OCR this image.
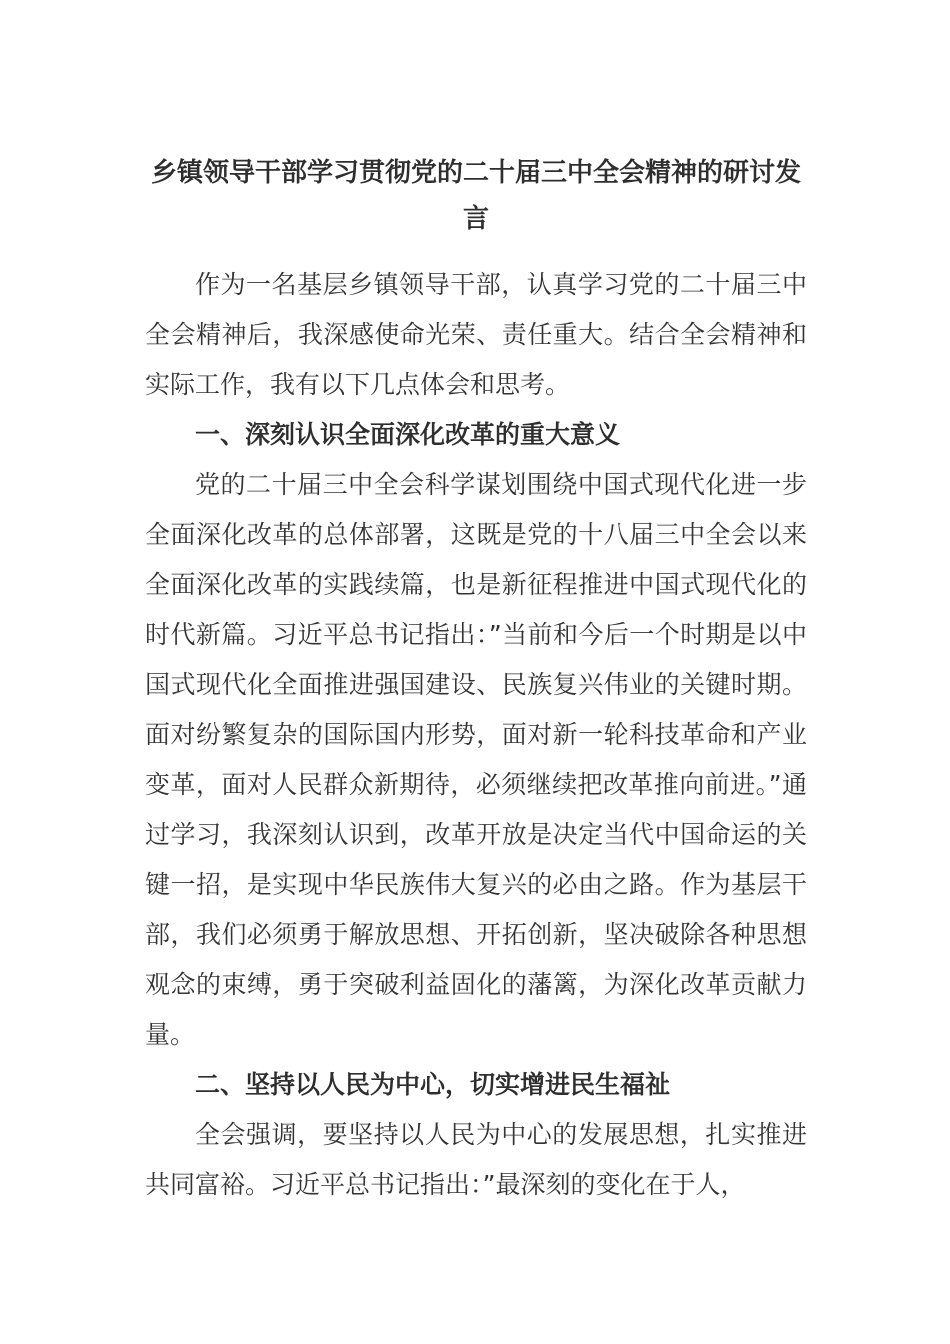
乡镇领导干部学习贯彻党的二十届三中全会精神的研讨发言

作为一名基层乡镇领导干部，认真学习党的二十届三中全会精神后，我深感使命光荣、责任重大。结合全会精神和实际工作，我有以下几点体会和思考。

一、深刻认识全面深化改革的重大意义

党的二十届三中全会科学谋划围绕中国式现代化进一步全面深化改革的总体部署，这既是党的十八届三中全会以来全面深化改革的实践续篇，也是新征程推进中国式现代化的时代新篇。习近平总书记指出：”当前和今后一个时期是以中国式现代化全面推进强国建设、民族复兴伟业的关键时期。面对纷繁复杂的国际国内形势，面对新一轮科技革命和产业变革，面对人民群众新期待，必须继续把改革推向前进。”通过学习，我深刻认识到，改革开放是决定当代中国命运的关键一招，是实现中华民族伟大复兴的必由之路。作为基层干部，我们必须勇于解放思想、开拓创新，坚决破除各种思想观念的束缚，勇于突破利益固化的藩篱，为深化改革贡献力量。

二、坚持以人民为中心，切实增进民生福祉

全会强调，要坚持以人民为中心的发展思想，扎实推进共同富裕。习近平总书记指出：”最深刻的变化在于人，
